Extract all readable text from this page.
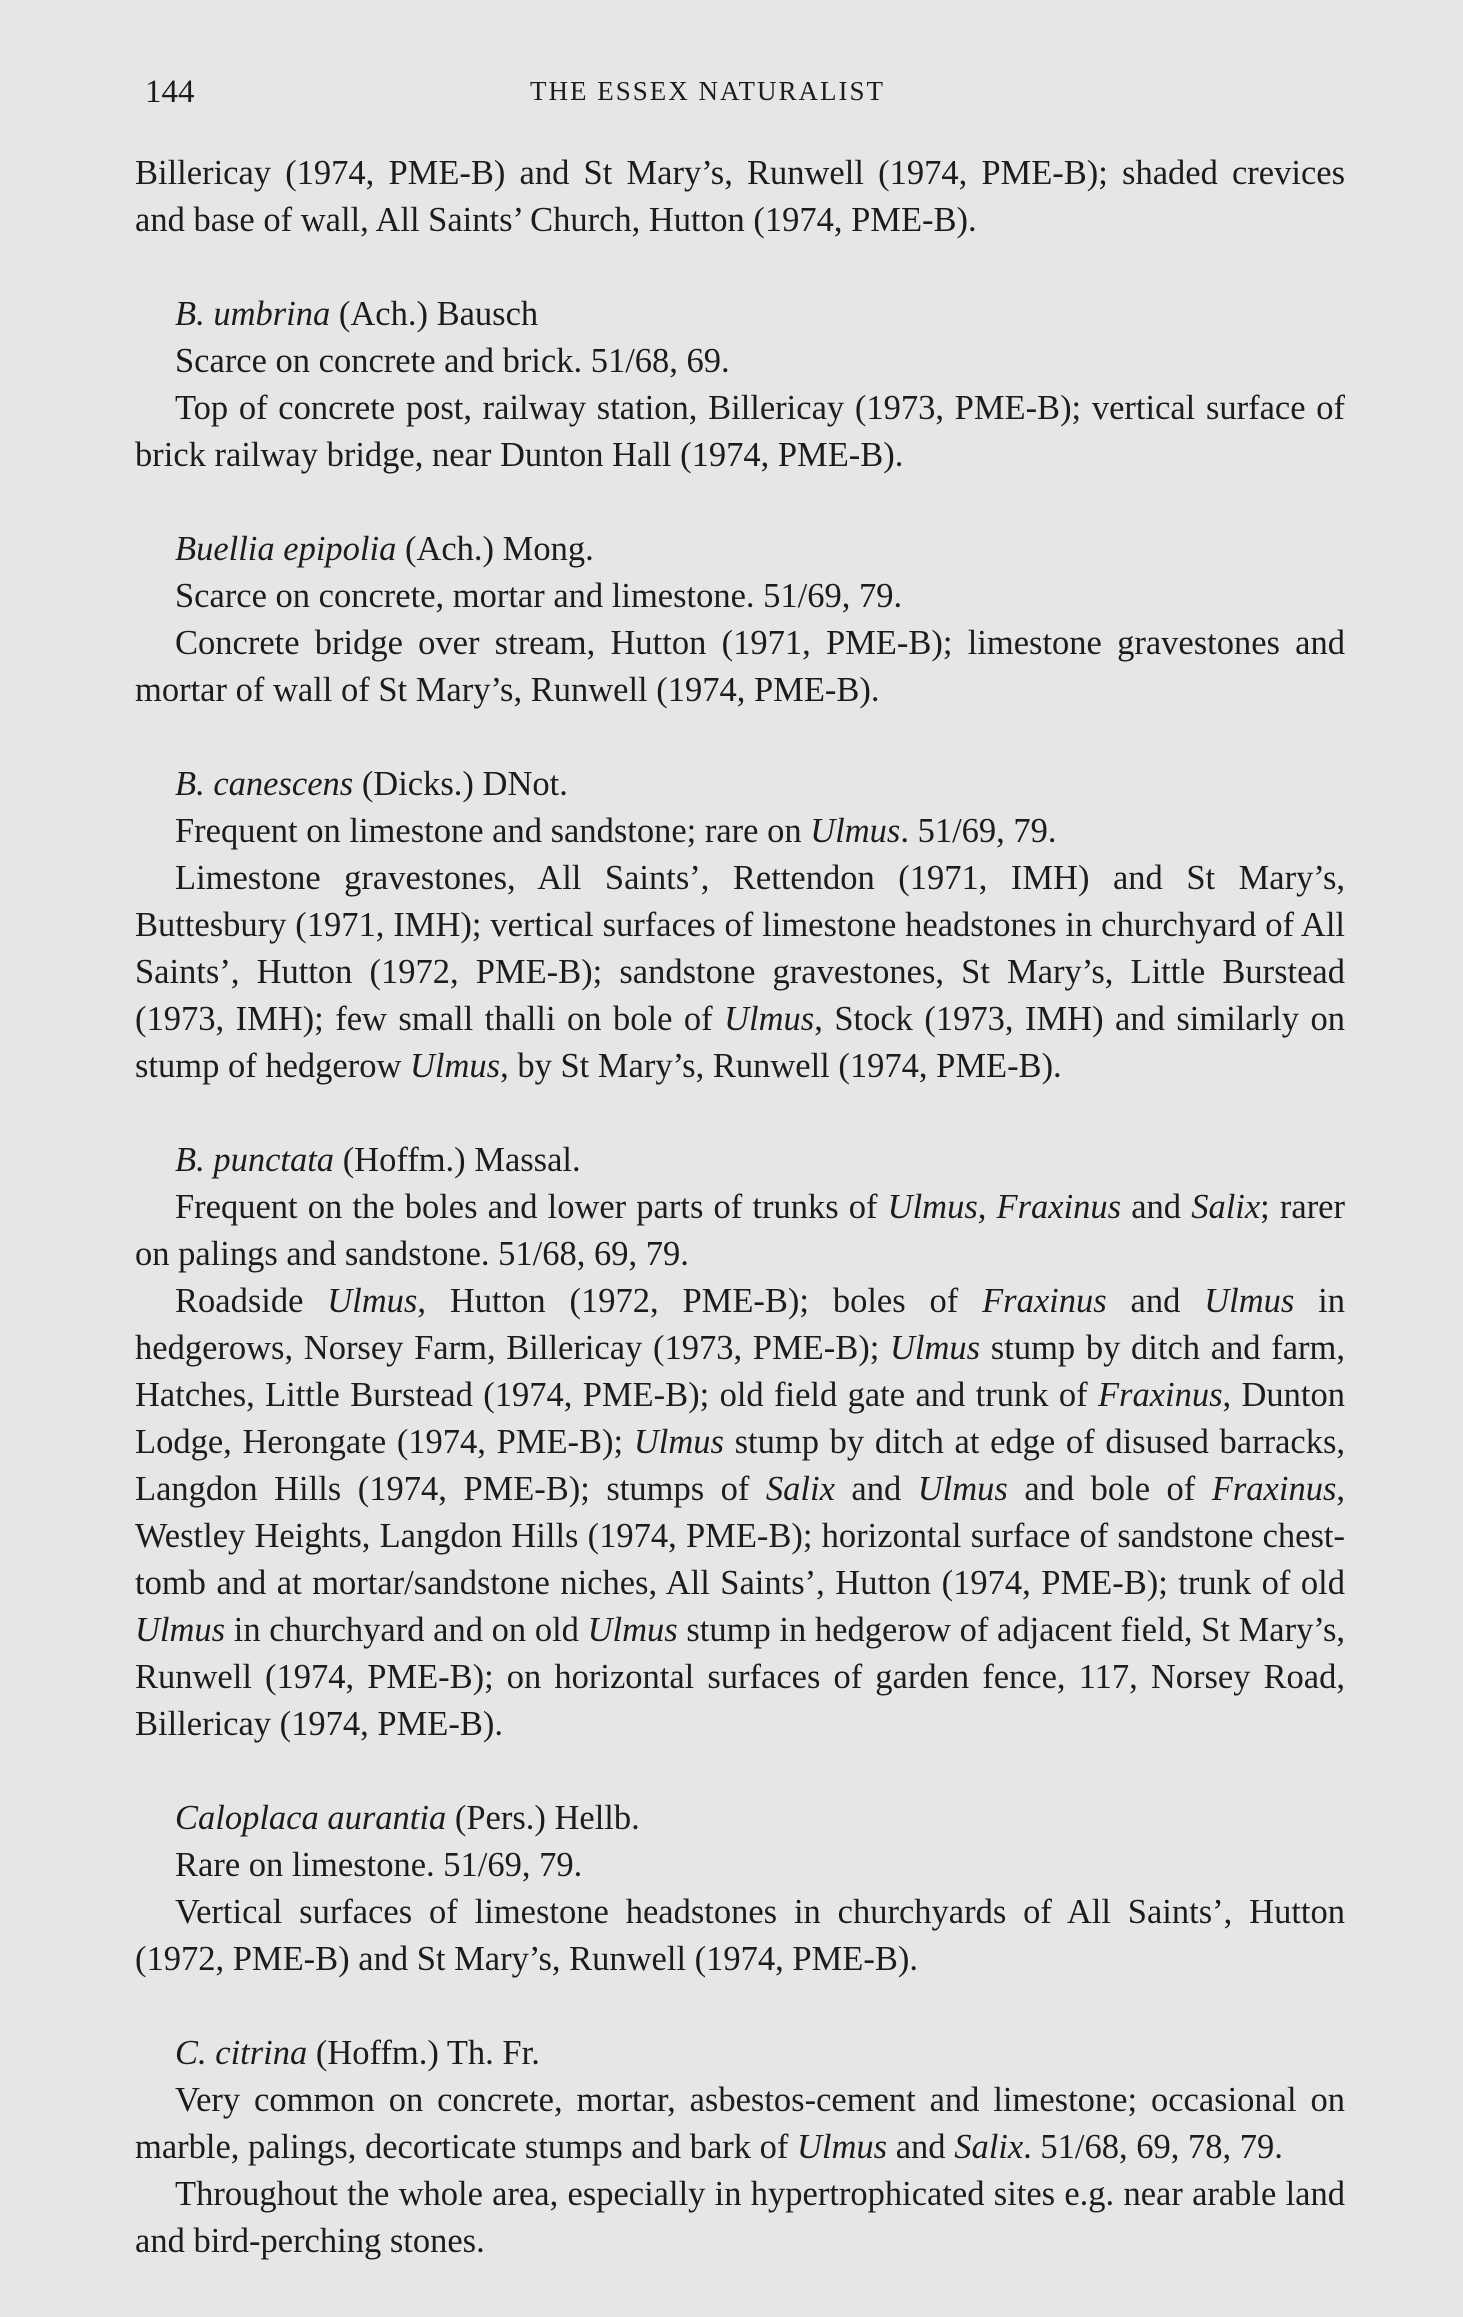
144	THE ESSEX NATURALIST

Billericay (1974, PME-B) and St Mary’s, Runwell (1974, PME-B); shaded crevices and base of wall, All Saints’ Church, Hutton (1974, PME-B).

B. umbrina (Ach.) Bausch

Scarce on concrete and brick. 51/68, 69.

Top of concrete post, railway station, Billericay (1973, PME-B); vertical surface of brick railway bridge, near Dunton Hall (1974, PME-B).

Buellia epipolia (Ach.) Mong.

Scarce on concrete, mortar and limestone. 51/69, 79.

Concrete bridge over stream, Hutton (1971, PME-B); limestone gravestones and mortar of wall of St Mary’s, Runwell (1974, PME-B).

B. canescens (Dicks.) DNot.

Frequent on limestone and sandstone; rare on Ulmus. 51/69, 79.

Limestone gravestones, All Saints’, Rettendon (1971, IMH) and St Mary’s, Buttesbury (1971, IMH); vertical surfaces of limestone headstones in churchyard of All Saints’, Hutton (1972, PME-B); sandstone gravestones, St Mary’s, Little Burstead (1973, IMH); few small thalli on bole of Ulmus, Stock (1973, IMH) and similarly on stump of hedgerow Ulmus, by St Mary’s, Runwell (1974, PME-B).

B. punctata (Hoffm.) Massal.

Frequent on the boles and lower parts of trunks of Ulmus, Fraxinus and Salix; rarer on palings and sandstone. 51/68, 69, 79.

Roadside Ulmus, Hutton (1972, PME-B); boles of Fraxinus and Ulmus in hedgerows, Norsey Farm, Billericay (1973, PME-B); Ulmus stump by ditch and farm, Hatches, Little Burstead (1974, PME-B); old field gate and trunk of Fraxinus, Dunton Lodge, Herongate (1974, PME-B); Ulmus stump by ditch at edge of disused barracks, Langdon Hills (1974, PME-B); stumps of Salix and Ulmus and bole of Fraxinus, Westley Heights, Langdon Hills (1974, PME-B); horizontal surface of sandstone chest-tomb and at mortar/sandstone niches, All Saints’, Hutton (1974, PME-B); trunk of old Ulmus in churchyard and on old Ulmus stump in hedgerow of adjacent field, St Mary’s, Runwell (1974, PME-B); on horizontal surfaces of garden fence, 117, Norsey Road, Billericay (1974, PME-B).

Caloplaca aurantia (Pers.) Hellb.

Rare on limestone. 51/69, 79.

Vertical surfaces of limestone headstones in churchyards of All Saints’, Hutton (1972, PME-B) and St Mary’s, Runwell (1974, PME-B).

C. citrina (Hoffm.) Th. Fr.

Very common on concrete, mortar, asbestos-cement and limestone; occasional on marble, palings, decorticate stumps and bark of Ulmus and Salix. 51/68, 69, 78, 79.

Throughout the whole area, especially in hypertrophicated sites e.g. near arable land and bird-perching stones.
